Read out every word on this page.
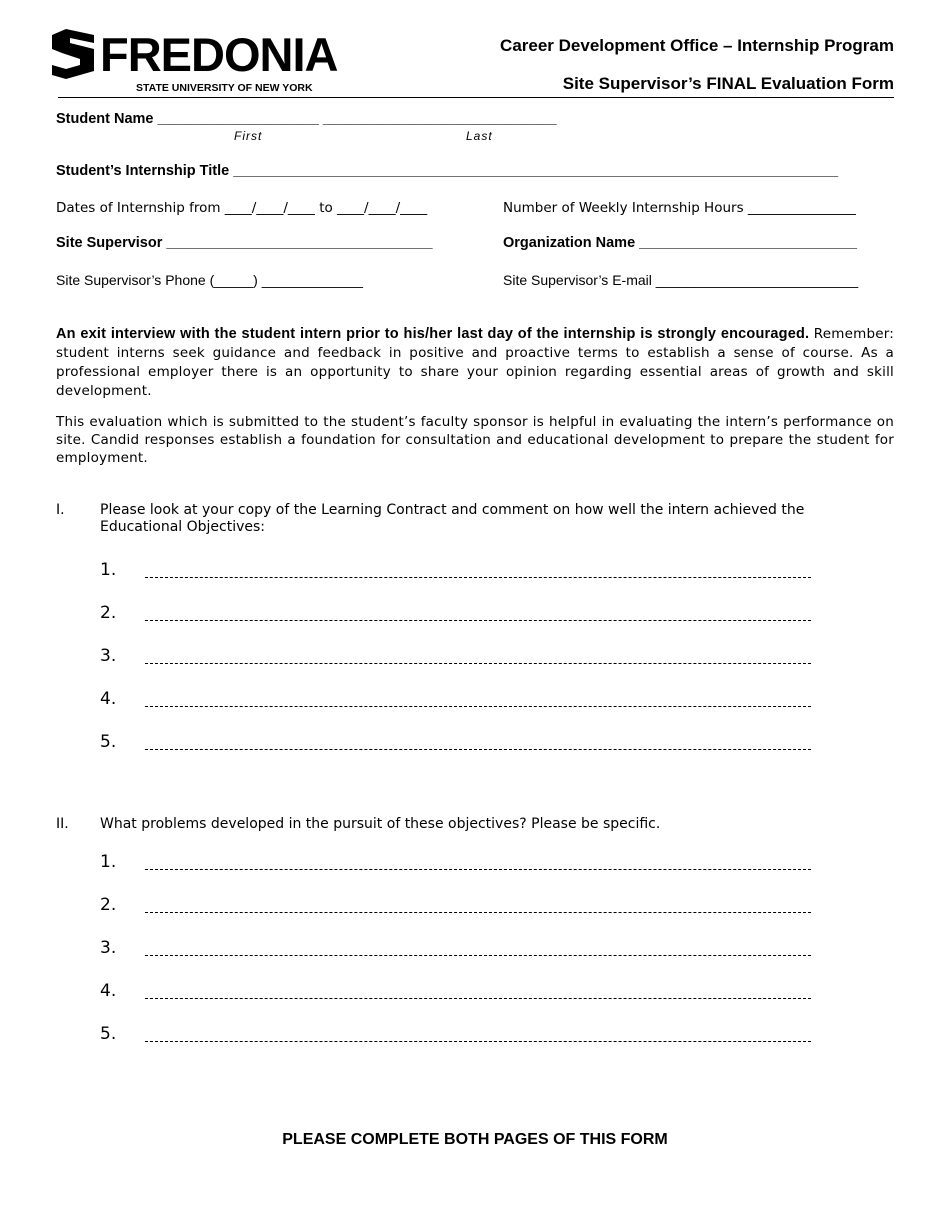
FREDONIA
STATE UNIVERSITY OF NEW YORK
Career Development Office – Internship Program
Site Supervisor’s FINAL Evaluation Form
Student Name ____________________ _____________________________
First	Last
Student’s Internship Title ___________________________________________________________________________
Dates of Internship from ____/____/____ to ____/____/____	Number of Weekly Internship Hours ________________
Site Supervisor _________________________________	Organization Name ___________________________
Site Supervisor’s Phone (_____) _____________	Site Supervisor’s E-mail __________________________
An exit interview with the student intern prior to his/her last day of the internship is strongly encouraged. Remember: student interns seek guidance and feedback in positive and proactive terms to establish a sense of course. As a professional employer there is an opportunity to share your opinion regarding essential areas of growth and skill development.
This evaluation which is submitted to the student’s faculty sponsor is helpful in evaluating the intern’s performance on site. Candid responses establish a foundation for consultation and educational development to prepare the student for employment.
I.	Please look at your copy of the Learning Contract and comment on how well the intern achieved the Educational Objectives:
1.
2.
3.
4.
5.
II. What problems developed in the pursuit of these objectives? Please be specific.
1.
2.
3.
4.
5.
PLEASE COMPLETE BOTH PAGES OF THIS FORM
